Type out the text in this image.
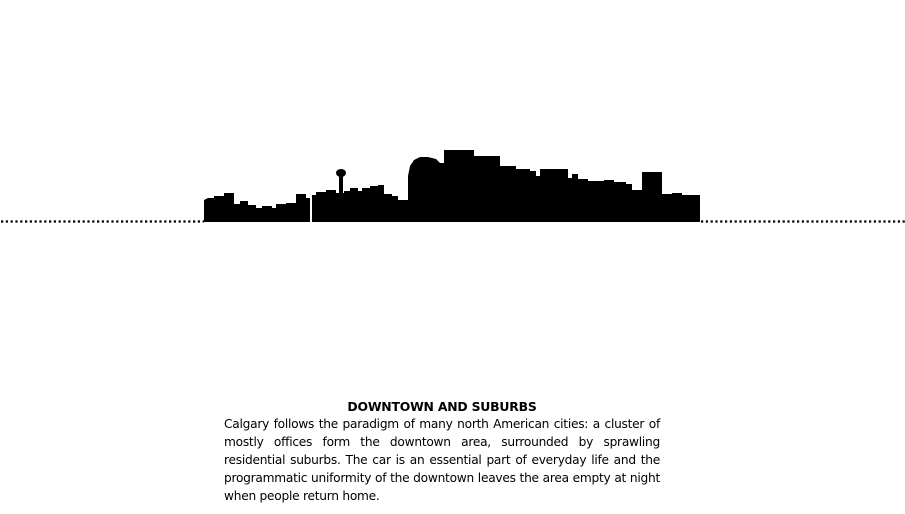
DOWNTOWN AND SUBURBS

Calgary follows the paradigm of many north American cities: a cluster of mostly offices form the downtown area, surrounded by sprawling residential suburbs. The car is an essential part of everyday life and the programmatic uniformity of the downtown leaves the area empty at night when people return home.
